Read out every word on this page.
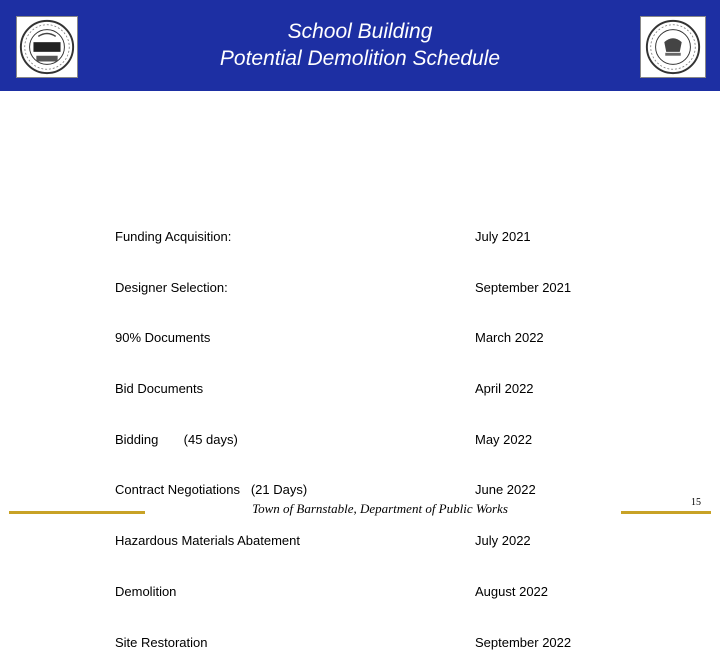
School Building
Potential Demolition Schedule

Funding Acquisition:

Designer Selection:

90% Documents

Bid Documents

Bidding       (45 days)

Contract Negotiations   (21 Days)

Hazardous Materials Abatement

Demolition

Site Restoration

July 2021

September 2021

March 2022

April 2022

May 2022

June 2022

July 2022

August 2022

September 2022

Town of Barnstable, Department of Public Works	15
